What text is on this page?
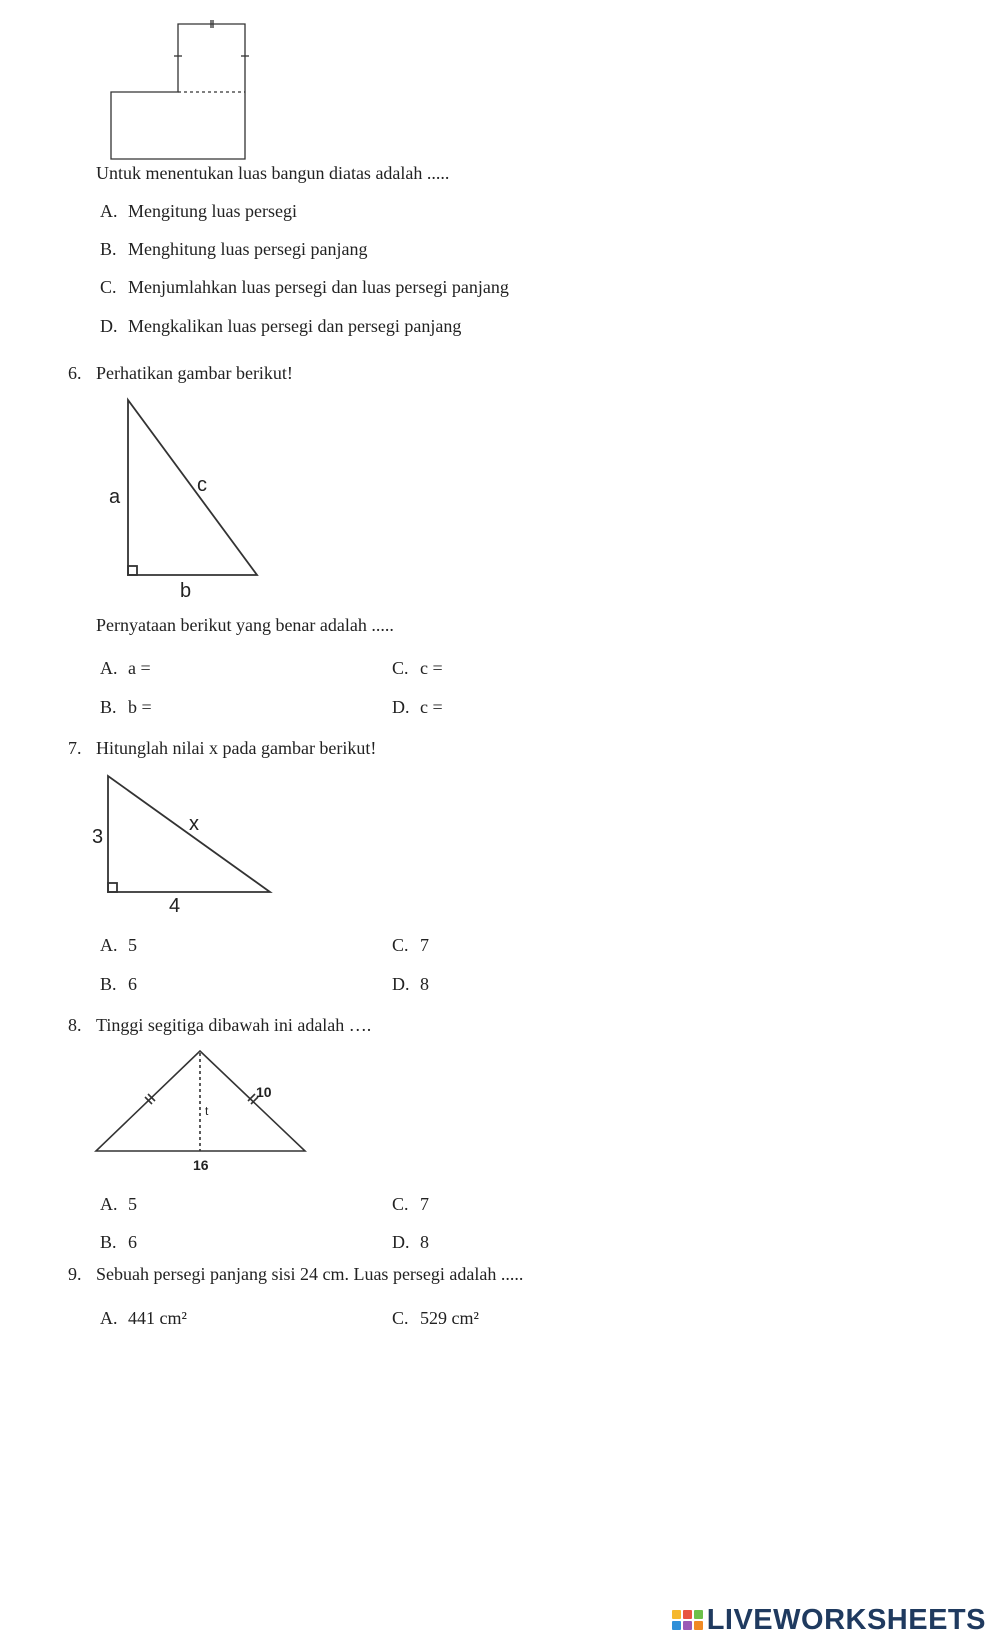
Untuk menentukan luas bangun diatas adalah .....
A. Mengitung luas persegi
B. Menghitung luas persegi panjang
C. Menjumlahkan luas persegi dan luas persegi panjang
D. Mengkalikan luas persegi dan persegi panjang
6. Perhatikan gambar berikut!
a
c
b
Pernyataan berikut yang benar adalah .....
A. a =
B. b =
C. c =
D. c =
7. Hitunglah nilai x pada gambar berikut!
3
x
4
A. 5
B. 6
C. 7
D. 8
8. Tinggi segitiga dibawah ini adalah ….
10
t
16
A. 5
B. 6
C. 7
D. 8
9. Sebuah persegi panjang sisi 24 cm. Luas persegi adalah .....
A. 441 cm²	C. 529 cm²
LIVEWORKSHEETS
